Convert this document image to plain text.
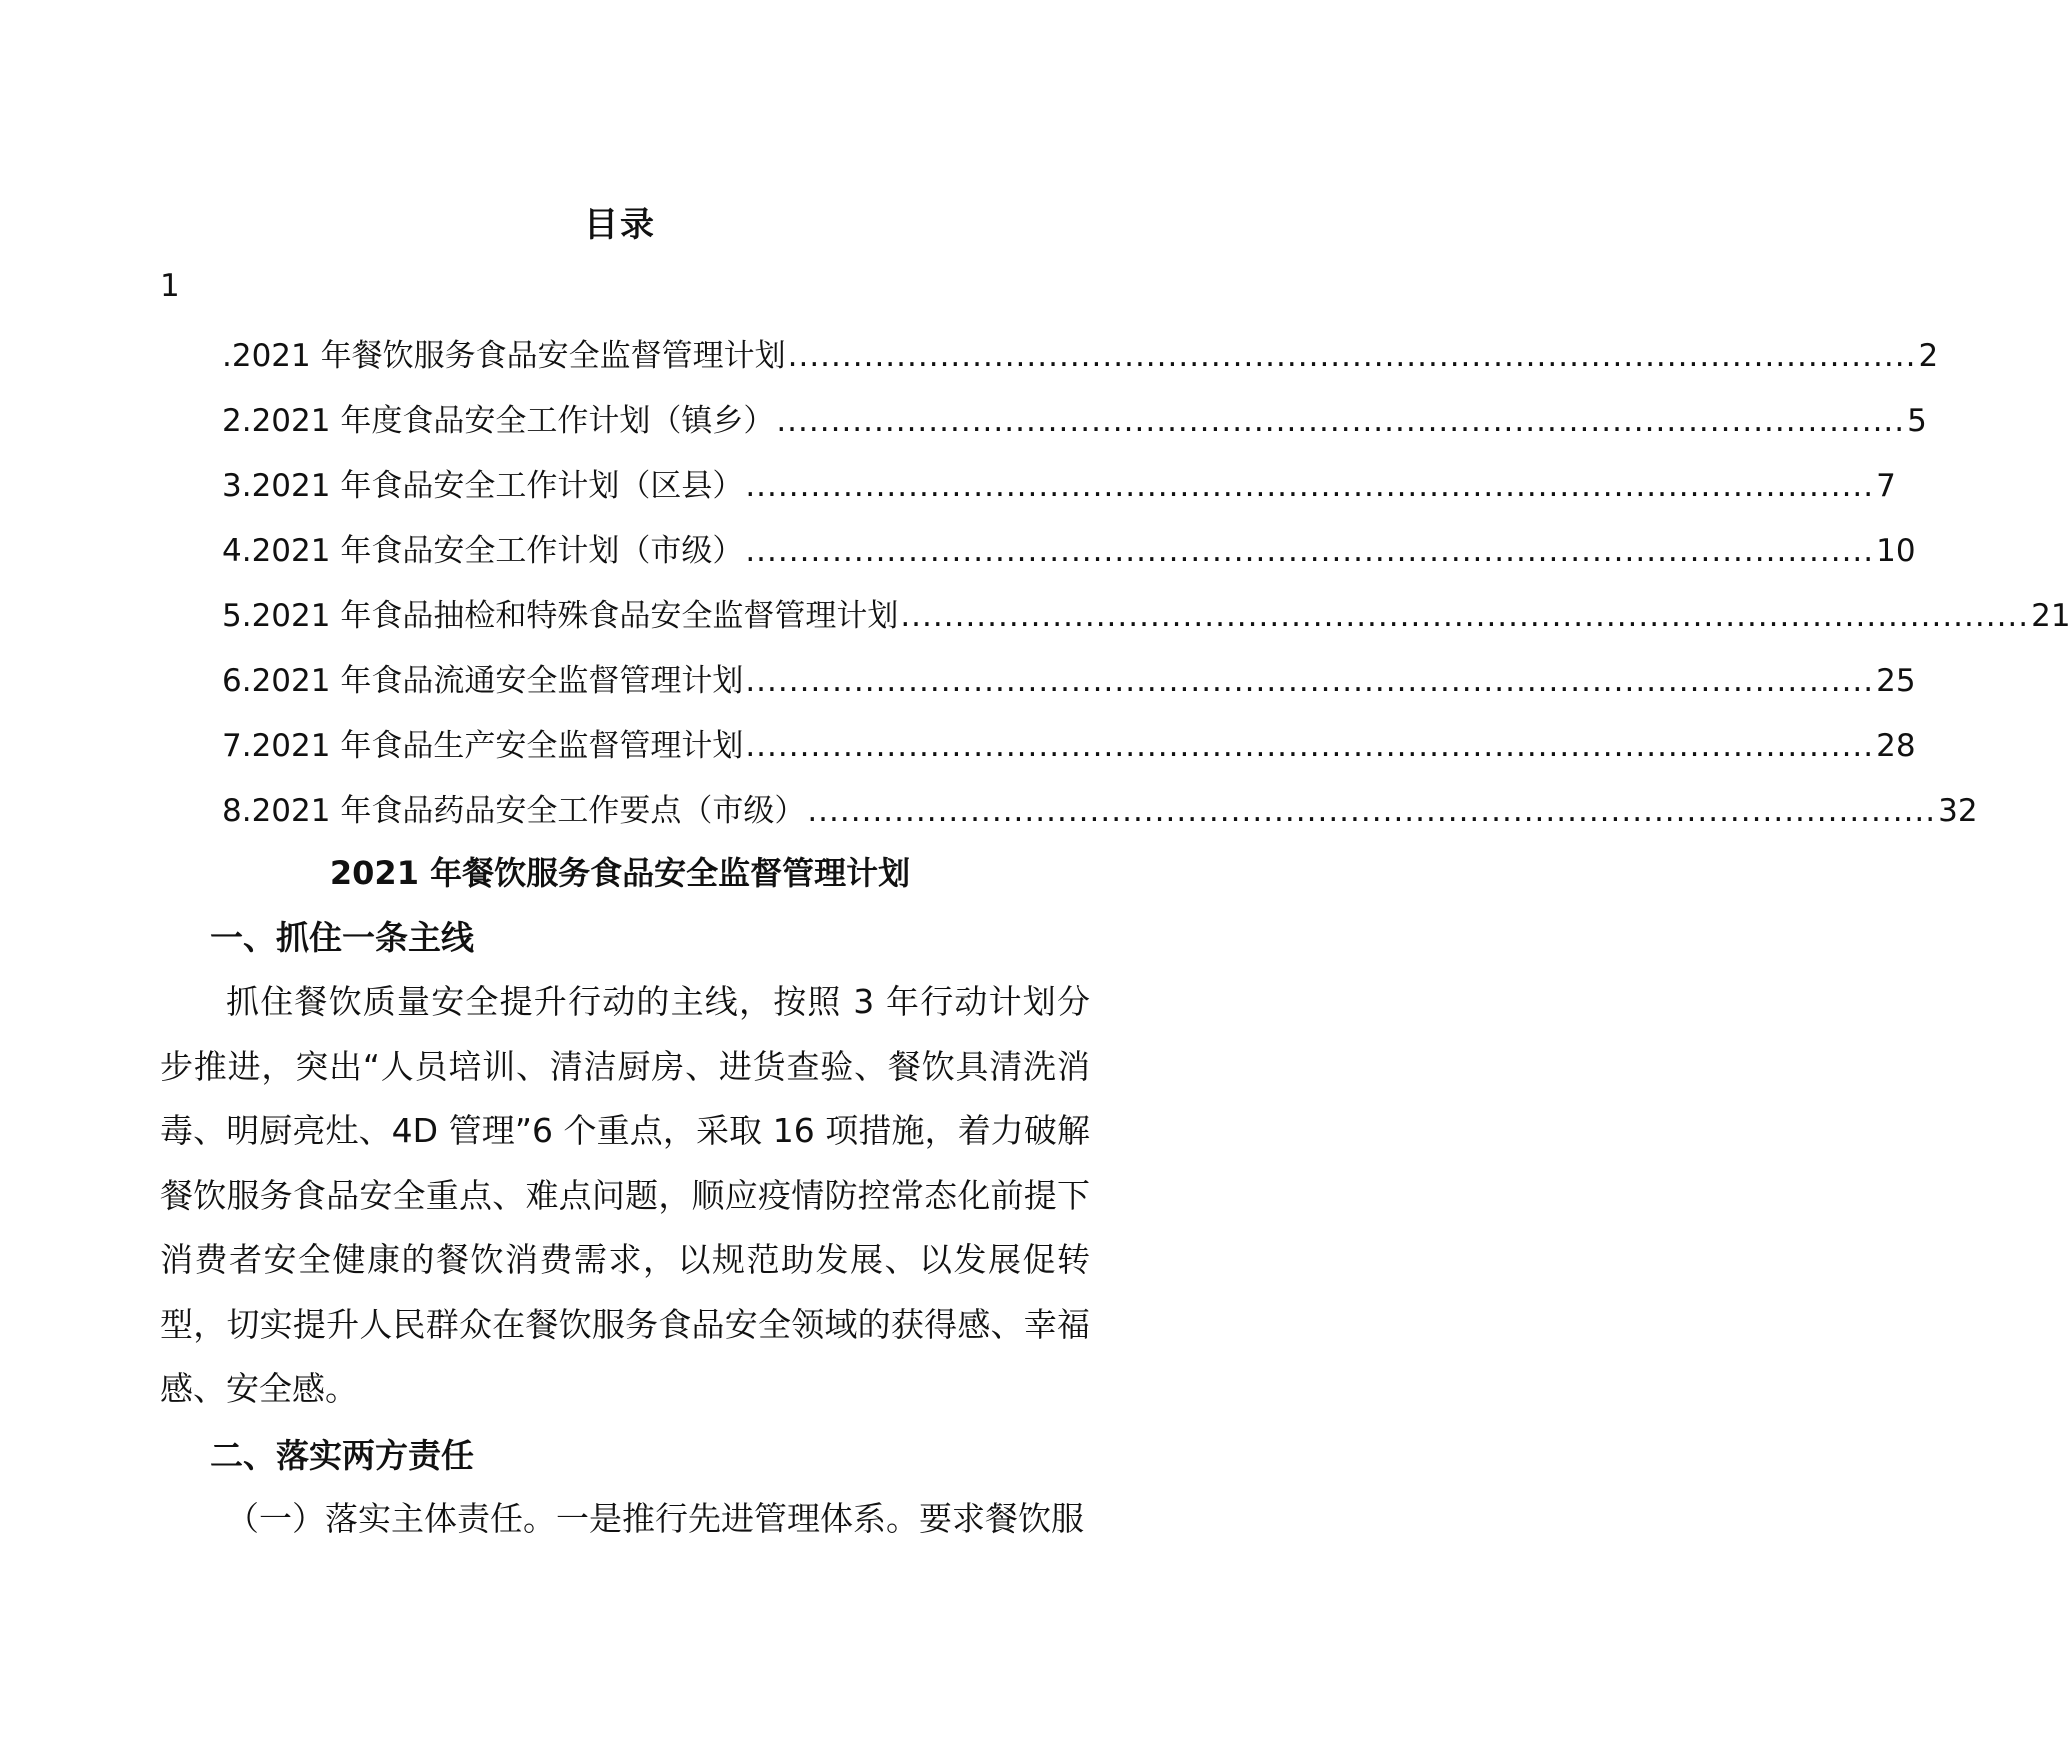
目录
1
.2021 年餐饮服务食品安全监督管理计划 ........................................................................................................ 2
2.2021 年度食品安全工作计划（镇乡） ........................................................................................................ 5
3.2021 年食品安全工作计划（区县） ........................................................................................................ 7
4.2021 年食品安全工作计划（市级） ........................................................................................................ 10
5.2021 年食品抽检和特殊食品安全监督管理计划 ........................................................................................................ 21
6.2021 年食品流通安全监督管理计划 ........................................................................................................ 25
7.2021 年食品生产安全监督管理计划 ........................................................................................................ 28
8.2021 年食品药品安全工作要点（市级） ........................................................................................................ 32
2021 年餐饮服务食品安全监督管理计划
一、抓住一条主线

抓住餐饮质量安全提升行动的主线，按照 3 年行动计划分步推进，突出“人员培训、清洁厨房、进货查验、餐饮具清洗消毒、明厨亮灶、4D 管理”6 个重点，采取 16 项措施，着力破解餐饮服务食品安全重点、难点问题，顺应疫情防控常态化前提下消费者安全健康的餐饮消费需求，以规范助发展、以发展促转型，切实提升人民群众在餐饮服务食品安全领域的获得感、幸福感、安全感。

二、落实两方责任

（一）落实主体责任。一是推行先进管理体系。要求餐饮服
